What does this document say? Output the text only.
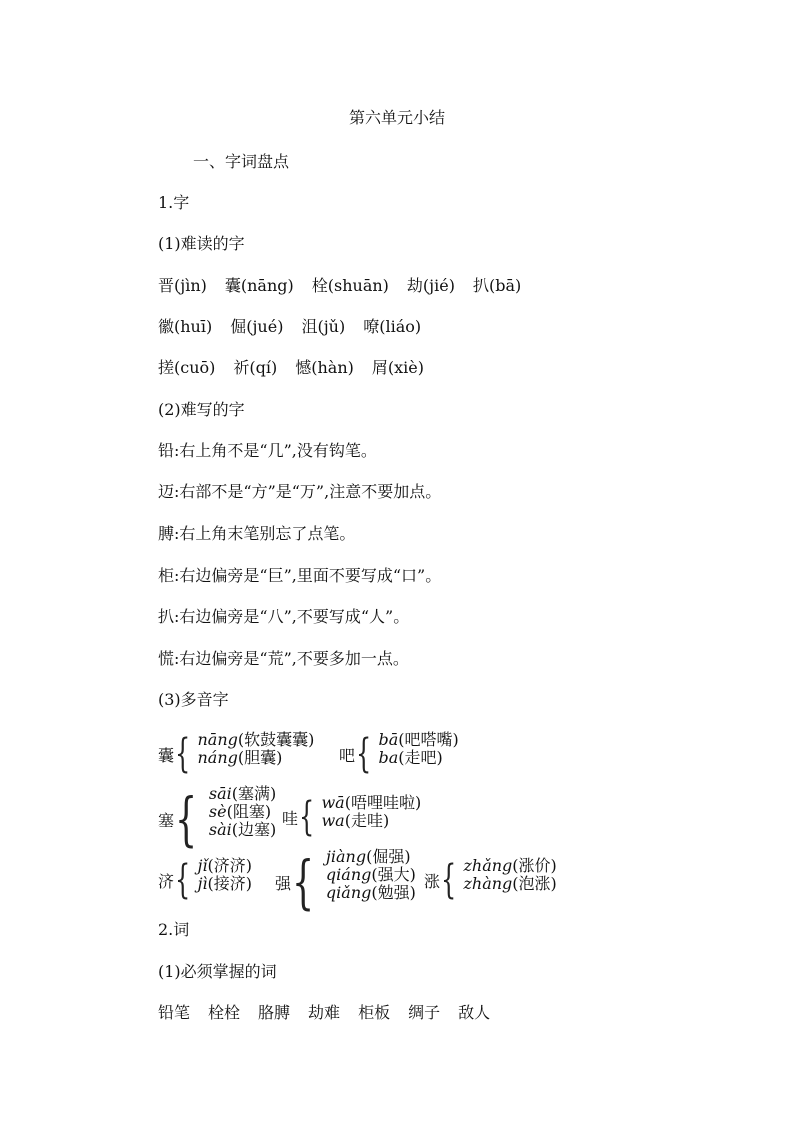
第六单元小结
一、字词盘点
1.字
(1)难读的字
晋(jìn) 囊(nāng) 栓(shuān) 劫(jié) 扒(bā)
徽(huī) 倔(jué) 沮(jǔ) 嘹(liáo)
搓(cuō) 祈(qí) 憾(hàn) 屑(xiè)
(2)难写的字
铅:右上角不是“几”,没有钩笔。
迈:右部不是“方”是“万”,注意不要加点。
膊:右上角末笔别忘了点笔。
柜:右边偏旁是“巨”,里面不要写成“口”。
扒:右边偏旁是“八”,不要写成“人”。
慌:右边偏旁是“荒”,不要多加一点。
(3)多音字
囊 { nāng(软鼓囊囊)
náng(胆囊)	吧 { bā(吧嗒嘴)
ba(走吧)
塞 { sāi(塞满)
sè(阻塞)
sài(边塞)
哇 { wā(唔哩哇啦)
wa(走哇)
济 { jǐ(济济)
jì(接济) 强 { jiàng(倔强)
qiáng(强大)
qiǎng(勉强)
涨 { zhǎng(涨价)
zhàng(泡涨)
2.词
(1)必须掌握的词
铅笔 栓栓 胳膊 劫难 柜板 绸子 敌人
